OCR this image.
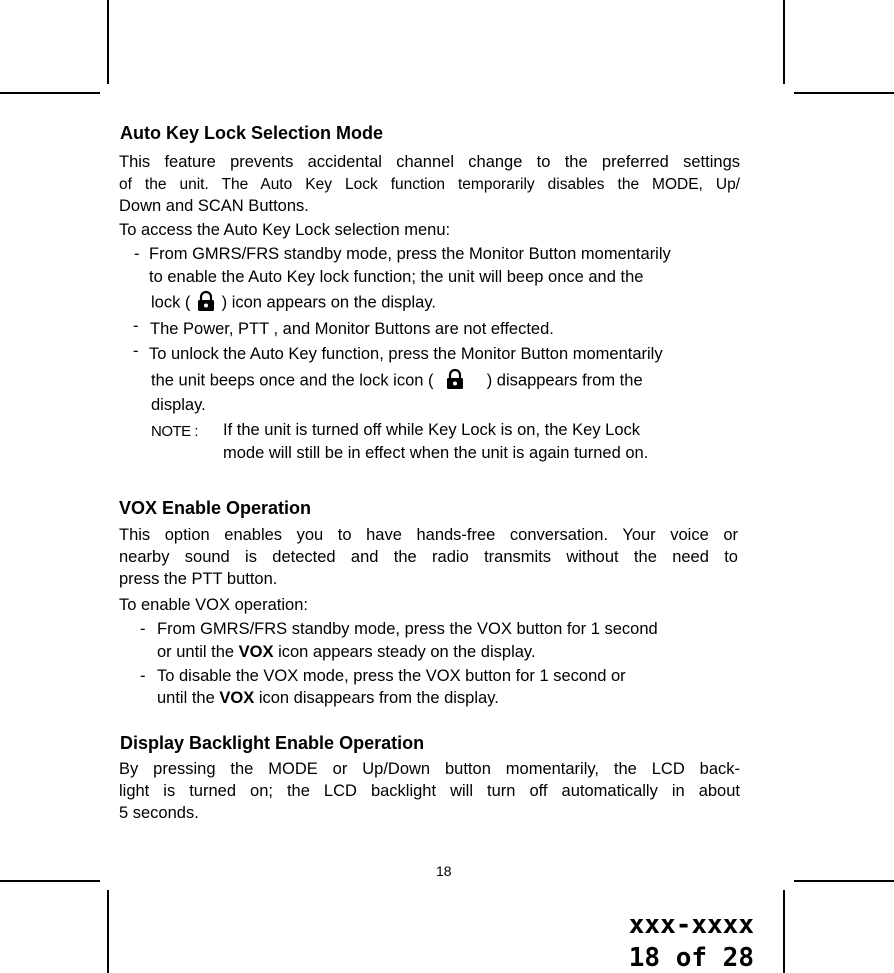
Auto Key Lock Selection Mode
This feature prevents accidental channel change to the preferred settings
of the unit. The Auto Key Lock function temporarily disables the MODE, Up/
Down and SCAN Buttons.
To access the Auto Key Lock selection menu:
- From GMRS/FRS standby mode, press the Monitor Button momentarily
to enable the Auto Key lock function; the unit will beep once and the
lock ( ) icon appears on the display.
- The Power, PTT , and Monitor Buttons are not effected.
- To unlock the Auto Key function, press the Monitor Button momentarily
the unit beeps once and the lock icon (	) disappears from the
display.
NOTE : If the unit is turned off while Key Lock is on, the Key Lock
mode will still be in effect when the unit is again turned on.
VOX Enable Operation
This option enables you to have hands-free conversation. Your voice or
nearby sound is detected and the radio transmits without the need to
press the PTT button.
To enable VOX operation:
- From GMRS/FRS standby mode, press the VOX button for 1 second
or until the VOX icon appears steady on the display.
- To disable the VOX mode, press the VOX button for 1 second or
until the VOX icon disappears from the display.
Display Backlight Enable Operation
By pressing the MODE or Up/Down button momentarily, the LCD back-
light is turned on; the LCD backlight will turn off automatically in about
5 seconds.
18
xxx-xxxx
18 of 28
